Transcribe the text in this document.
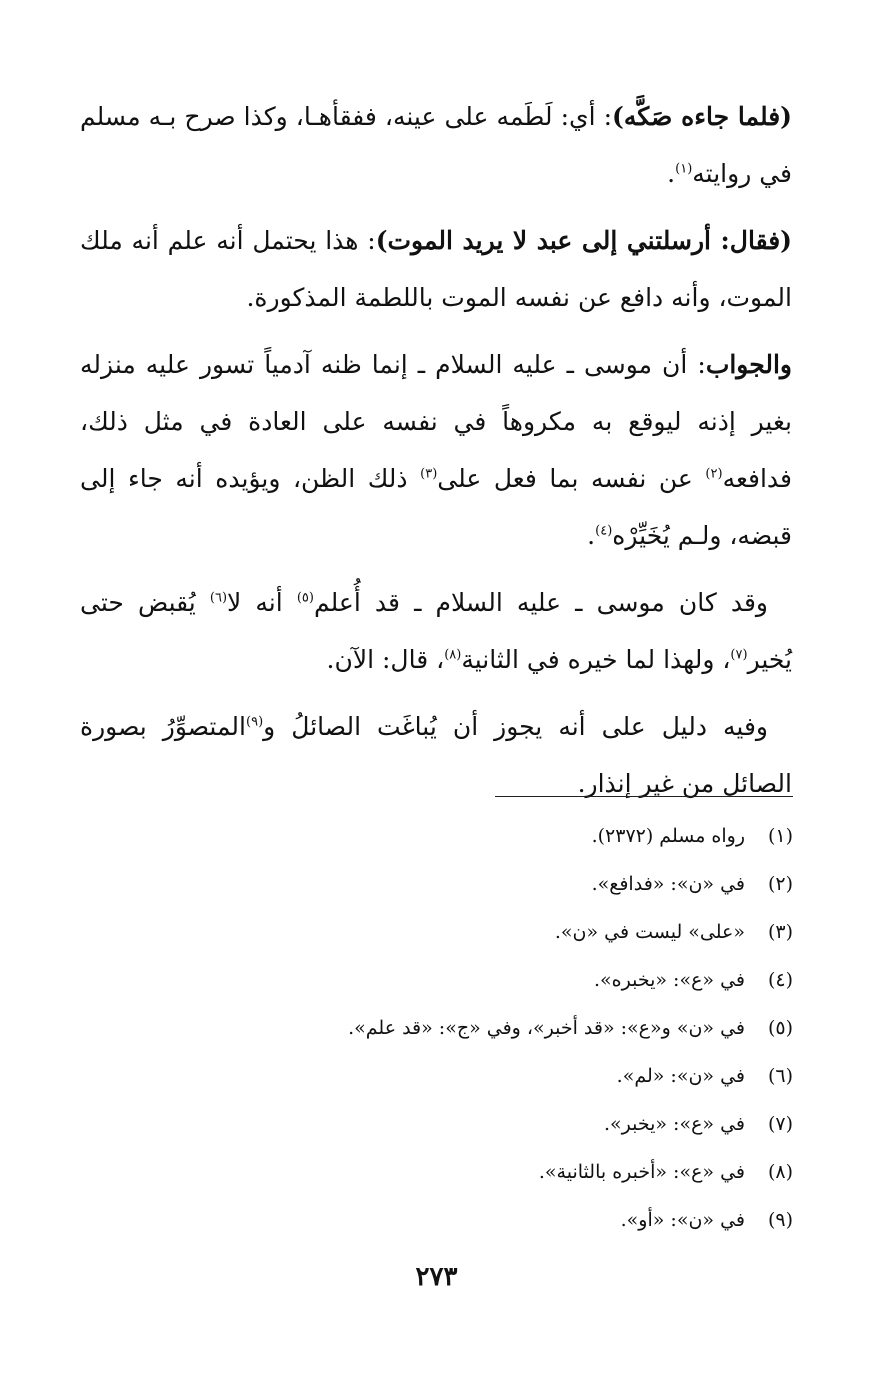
(فلما جاءه صَكَّه): أي: لَطَمه على عينه، ففقأهـا، وكذا صرح بـه مسلم في روايته$^{(١)}$.

(فقال: أرسلتني إلى عبد لا يريد الموت): هذا يحتمل أنه علم أنه ملك الموت، وأنه دافع عن نفسه الموت باللطمة المذكورة.

والجواب: أن موسى ـ عليه السلام ـ إنما ظنه آدمياً تسور عليه منزله بغير إذنه ليوقع به مكروهاً في نفسه على العادة في مثل ذلك، فدافعه$^{(٢)}$ عن نفسه بما فعل على$^{(٣)}$ ذلك الظن، ويؤيده أنه جاء إلى قبضه، ولـم يُخَيِّرْه$^{(٤)}$.

وقد كان موسى ـ عليه السلام ـ قد أُعلم$^{(٥)}$ أنه لا$^{(٦)}$ يُقبض حتى يُخير$^{(٧)}$، ولهذا لما خيره في الثانية$^{(٨)}$، قال: الآن.

وفيه دليل على أنه يجوز أن يُباغَت الصائلُ و$^{(٩)}$المتصوِّرُ بصورة الصائل من غير إنذار.

(١)رواه مسلم (٢٣٧٢).
(٢)في «ن»: «فدافع».
(٣)«على» ليست في «ن».
(٤)في «ع»: «يخبره».
(٥)في «ن» و«ع»: «قد أخبر»، وفي «ج»: «قد علم».
(٦)في «ن»: «لم».
(٧)في «ع»: «يخبر».
(٨)في «ع»: «أخبره بالثانية».
(٩)في «ن»: «أو».
٢٧٣
